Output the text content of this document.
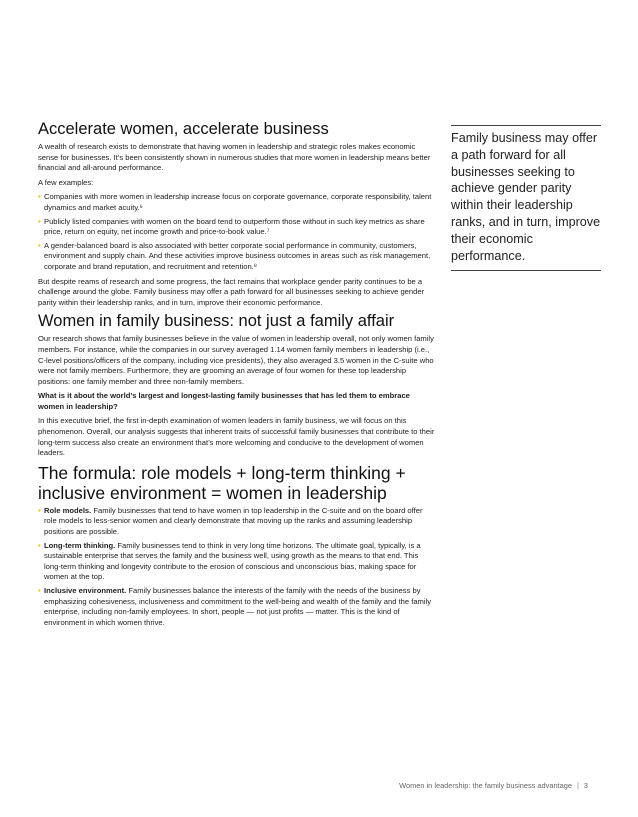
Accelerate women, accelerate business

A wealth of research exists to demonstrate that having women in leadership and strategic roles makes economic sense for businesses. It’s been consistently shown in numerous studies that more women in leadership means better financial and all-around performance.

A few examples:

• Companies with more women in leadership increase focus on corporate governance, corporate responsibility, talent dynamics and market acuity.⁶
• Publicly listed companies with women on the board tend to outperform those without in such key metrics as share price, return on equity, net income growth and price-to-book value.⁷
• A gender-balanced board is also associated with better corporate social performance in community, customers, environment and supply chain. And these activities improve business outcomes in areas such as risk management, corporate and brand reputation, and recruitment and retention.⁸

But despite reams of research and some progress, the fact remains that workplace gender parity continues to be a challenge around the globe. Family business may offer a path forward for all businesses seeking to achieve gender parity within their leadership ranks, and in turn, improve their economic performance.

Women in family business: not just a family affair

Our research shows that family businesses believe in the value of women in leadership overall, not only women family members. For instance, while the companies in our survey averaged 1.14 women family members in leadership (i.e., C-level positions/officers of the company, including vice presidents), they also averaged 3.5 women in the C-suite who were not family members. Furthermore, they are grooming an average of four women for these top leadership positions: one family member and three non-family members.

What is it about the world’s largest and longest-lasting family businesses that has led them to embrace women in leadership?

In this executive brief, the first in-depth examination of women leaders in family business, we will focus on this phenomenon. Overall, our analysis suggests that inherent traits of successful family businesses that contribute to their long-term success also create an environment that’s more welcoming and conducive to the development of women leaders.

The formula: role models + long-term thinking +
inclusive environment = women in leadership
• Role models. Family businesses that tend to have women in top leadership in the C-suite and on the board offer role models to less-senior women and clearly demonstrate that moving up the ranks and assuming leadership positions are possible.
• Long-term thinking. Family businesses tend to think in very long time horizons. The ultimate goal, typically, is a sustainable enterprise that serves the family and the business well, using growth as the means to that end. This long-term thinking and longevity contribute to the erosion of conscious and unconscious bias, making space for women at the top.
• Inclusive environment. Family businesses balance the interests of the family with the needs of the business by emphasizing cohesiveness, inclusiveness and commitment to the well-being and wealth of the family and the family enterprise, including non-family employees. In short, people — not just profits — matter. This is the kind of environment in which women thrive.

Family business may offer a path forward for all businesses seeking to achieve gender parity within their leadership ranks, and in turn, improve their economic performance.

Women in leadership: the family business advantage | 3
